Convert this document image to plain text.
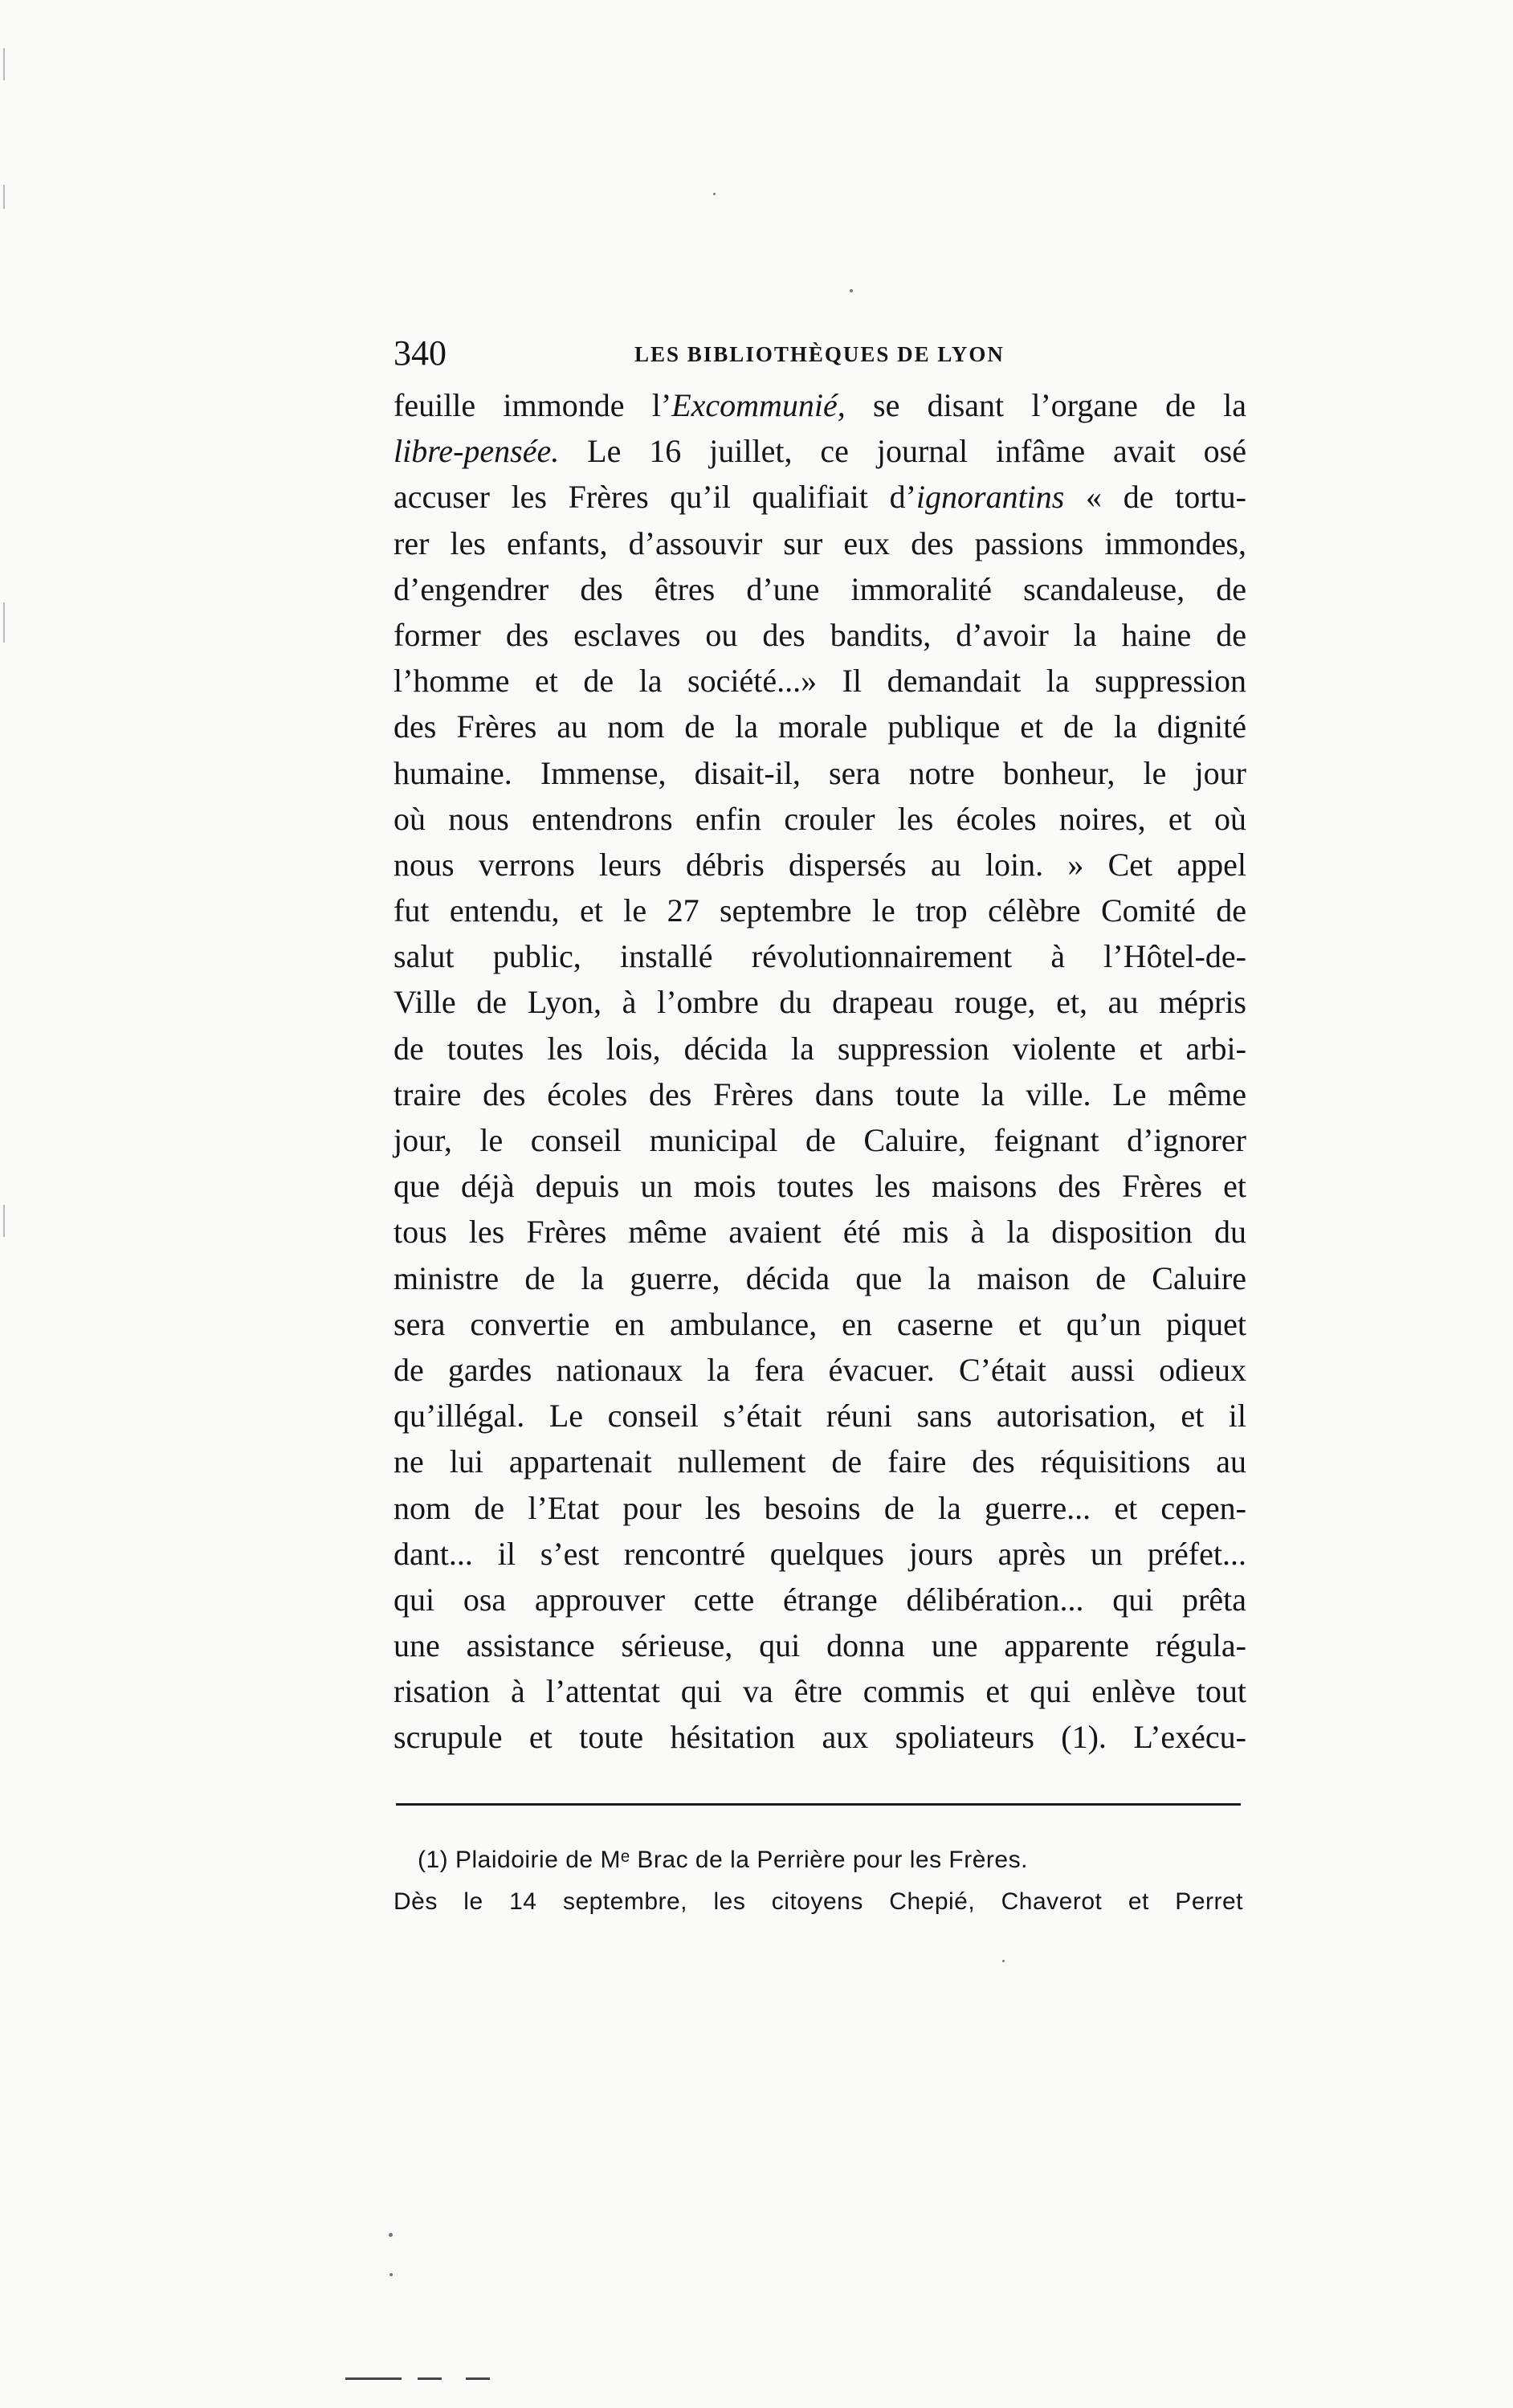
340	LES BIBLIOTHÈQUES DE LYON
feuille immonde l’Excommunié, se disant l’organe de la
libre-pensée. Le 16 juillet, ce journal infâme avait osé
accuser les Frères qu’il qualifiait d’ignorantins « de tortu-
rer les enfants, d’assouvir sur eux des passions immondes,
d’engendrer des êtres d’une immoralité scandaleuse, de
former des esclaves ou des bandits, d’avoir la haine de
l’homme et de la société...» Il demandait la suppression
des Frères au nom de la morale publique et de la dignité
humaine. Immense, disait-il, sera notre bonheur, le jour
où nous entendrons enfin crouler les écoles noires, et où
nous verrons leurs débris dispersés au loin. » Cet appel
fut entendu, et le 27 septembre le trop célèbre Comité de
salut public, installé révolutionnairement à l’Hôtel-de-
Ville de Lyon, à l’ombre du drapeau rouge, et, au mépris
de toutes les lois, décida la suppression violente et arbi-
traire des écoles des Frères dans toute la ville. Le même
jour, le conseil municipal de Caluire, feignant d’ignorer
que déjà depuis un mois toutes les maisons des Frères et
tous les Frères même avaient été mis à la disposition du
ministre de la guerre, décida que la maison de Caluire
sera convertie en ambulance, en caserne et qu’un piquet
de gardes nationaux la fera évacuer. C’était aussi odieux
qu’illégal. Le conseil s’était réuni sans autorisation, et il
ne lui appartenait nullement de faire des réquisitions au
nom de l’Etat pour les besoins de la guerre... et cepen-
dant... il s’est rencontré quelques jours après un préfet...
qui osa approuver cette étrange délibération... qui prêta
une assistance sérieuse, qui donna une apparente régula-
risation à l’attentat qui va être commis et qui enlève tout
scrupule et toute hésitation aux spoliateurs (1). L’exécu-
(1) Plaidoirie de Mᵉ Brac de la Perrière pour les Frères.
Dès le 14 septembre, les citoyens Chepié, Chaverot et Perret
